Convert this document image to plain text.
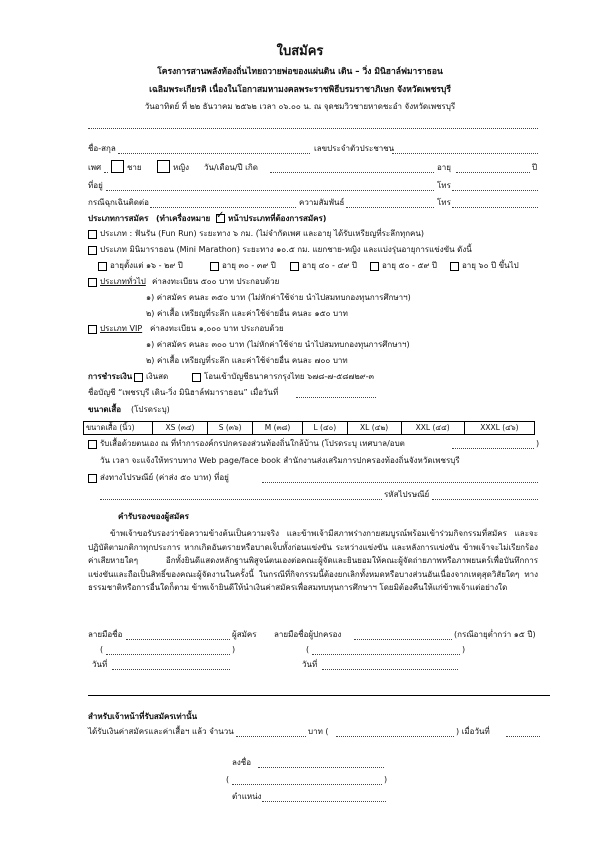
ใบสมัคร
โครงการสานพลังท้องถิ่นไทยถวายพ่อของแผ่นดิน เดิน – วิ่ง มินิฮาล์ฟมาราธอน
เฉลิมพระเกียรติ เนื่องในโอกาสมหามงคลพระราชพิธีบรมราชาภิเษก จังหวัดเพชรบุรี
วันอาทิตย์ ที่ ๒๒ ธันวาคม ๒๕๖๒ เวลา ๐๖.๐๐ น. ณ จุดชมวิวชายหาดชะอำ จังหวัดเพชรบุรี
ชื่อ-สกุล	เลขประจำตัวประชาชน
เพศ	ชาย	หญิง วัน/เดือน/ปี เกิด	อายุ	ปี
ที่อยู่	โทร
กรณีฉุกเฉินติดต่อ	ความสัมพันธ์	โทร
ประเภทการสมัคร (ทำเครื่องหมาย ✓ หน้าประเภทที่ต้องการสมัคร)
ประเภท : ฟันรัน (Fun Run) ระยะทาง ๖ กม. (ไม่จำกัดเพศ และอายุ ได้รับเหรียญที่ระลึกทุกคน)
ประเภท มินิมาราธอน (Mini Marathon) ระยะทาง ๑๐.๕ กม. แยกชาย-หญิง และแบ่งรุ่นอายุการแข่งขัน ดังนี้
อายุตั้งแต่ ๑๖ - ๒๙ ปี	อายุ ๓๐ - ๓๙ ปี	อายุ ๔๐ - ๔๙ ปี	อายุ ๕๐ - ๕๙ ปี	อายุ ๖๐ ปี ขึ้นไป
ประเภททั่วไป ค่าลงทะเบียน ๕๐๐ บาท ประกอบด้วย
๑) ค่าสมัคร คนละ ๓๕๐ บาท (ไม่หักค่าใช้จ่าย นำไปสมทบกองทุนการศึกษาฯ)
๒) ค่าเสื้อ เหรียญที่ระลึก และค่าใช้จ่ายอื่น คนละ ๑๕๐ บาท
ประเภท VIP ค่าลงทะเบียน ๑,๐๐๐ บาท ประกอบด้วย
๑) ค่าสมัคร คนละ ๓๐๐ บาท (ไม่หักค่าใช้จ่าย นำไปสมทบกองทุนการศึกษาฯ)
๒) ค่าเสื้อ เหรียญที่ระลึก และค่าใช้จ่ายอื่น คนละ ๗๐๐ บาท
การชำระเงิน เงินสด	โอนเข้าบัญชีธนาคารกรุงไทย ๖๗๘-๗-๕๘๗๒๙-๓
ชื่อบัญชี “เพชรบุรี เดิน-วิ่ง มินิฮาล์ฟมาราธอน” เมื่อวันที่
ขนาดเสื้อ (โปรดระบุ)
ขนาดเสื้อ (นิ้ว)	XS (๓๔)	S (๓๖)	M (๓๘)	L (๔๐)	XL (๔๒)	XXL (๔๔)	XXXL (๔๖)
รับเสื้อด้วยตนเอง ณ ที่ทำการองค์กรปกครองส่วนท้องถิ่นใกล้บ้าน (โปรดระบุ เทศบาล/อบต	)
วัน เวลา จะแจ้งให้ทราบทาง Web page/face book สำนักงานส่งเสริมการปกครองท้องถิ่นจังหวัดเพชรบุรี
ส่งทางไปรษณีย์ (ค่าส่ง ๕๐ บาท) ที่อยู่
รหัสไปรษณีย์
คำรับรองของผู้สมัคร
ข้าพเจ้าขอรับรองว่าข้อความข้างต้นเป็นความจริง และข้าพเจ้ามีสภาพร่างกายสมบูรณ์พร้อมเข้าร่วมกิจกรรมที่สมัคร และจะปฏิบัติตามกติกาทุกประการ หากเกิดอันตรายหรือบาดเจ็บทั้งก่อนแข่งขัน ระหว่างแข่งขัน และหลังการแข่งขัน ข้าพเจ้าจะไม่เรียกร้องค่าเสียหายใดๆ อีกทั้งยินดีแสดงหลักฐานพิสูจน์ตนเองต่อคณะผู้จัดและยินยอมให้คณะผู้จัดถ่ายภาพหรือภาพยนตร์เพื่อบันทึกการแข่งขันและถือเป็นสิทธิ์ของคณะผู้จัดงานในครั้งนี้ ในกรณีที่กิจกรรมนี้ต้องยกเลิกทั้งหมดหรือบางส่วนอันเนื่องจากเหตุสุดวิสัยใดๆ ทางธรรมชาติหรือการอื่นใดก็ตาม ข้าพเจ้ายินดีให้นำเงินค่าสมัครเพื่อสมทบทุนการศึกษาฯ โดยมิต้องคืนให้แก่ข้าพเจ้าแต่อย่างใด
ลายมือชื่อ	ผู้สมัคร ลายมือชื่อผู้ปกครอง	(กรณีอายุต่ำกว่า ๑๕ ปี)
(	)	(	)
วันที่	วันที่
สำหรับเจ้าหน้าที่รับสมัครเท่านั้น
ได้รับเงินค่าสมัครและค่าเสื้อฯ แล้ว จำนวน	บาท (	) เมื่อวันที่
ลงชื่อ
(	)
ตำแหน่ง
